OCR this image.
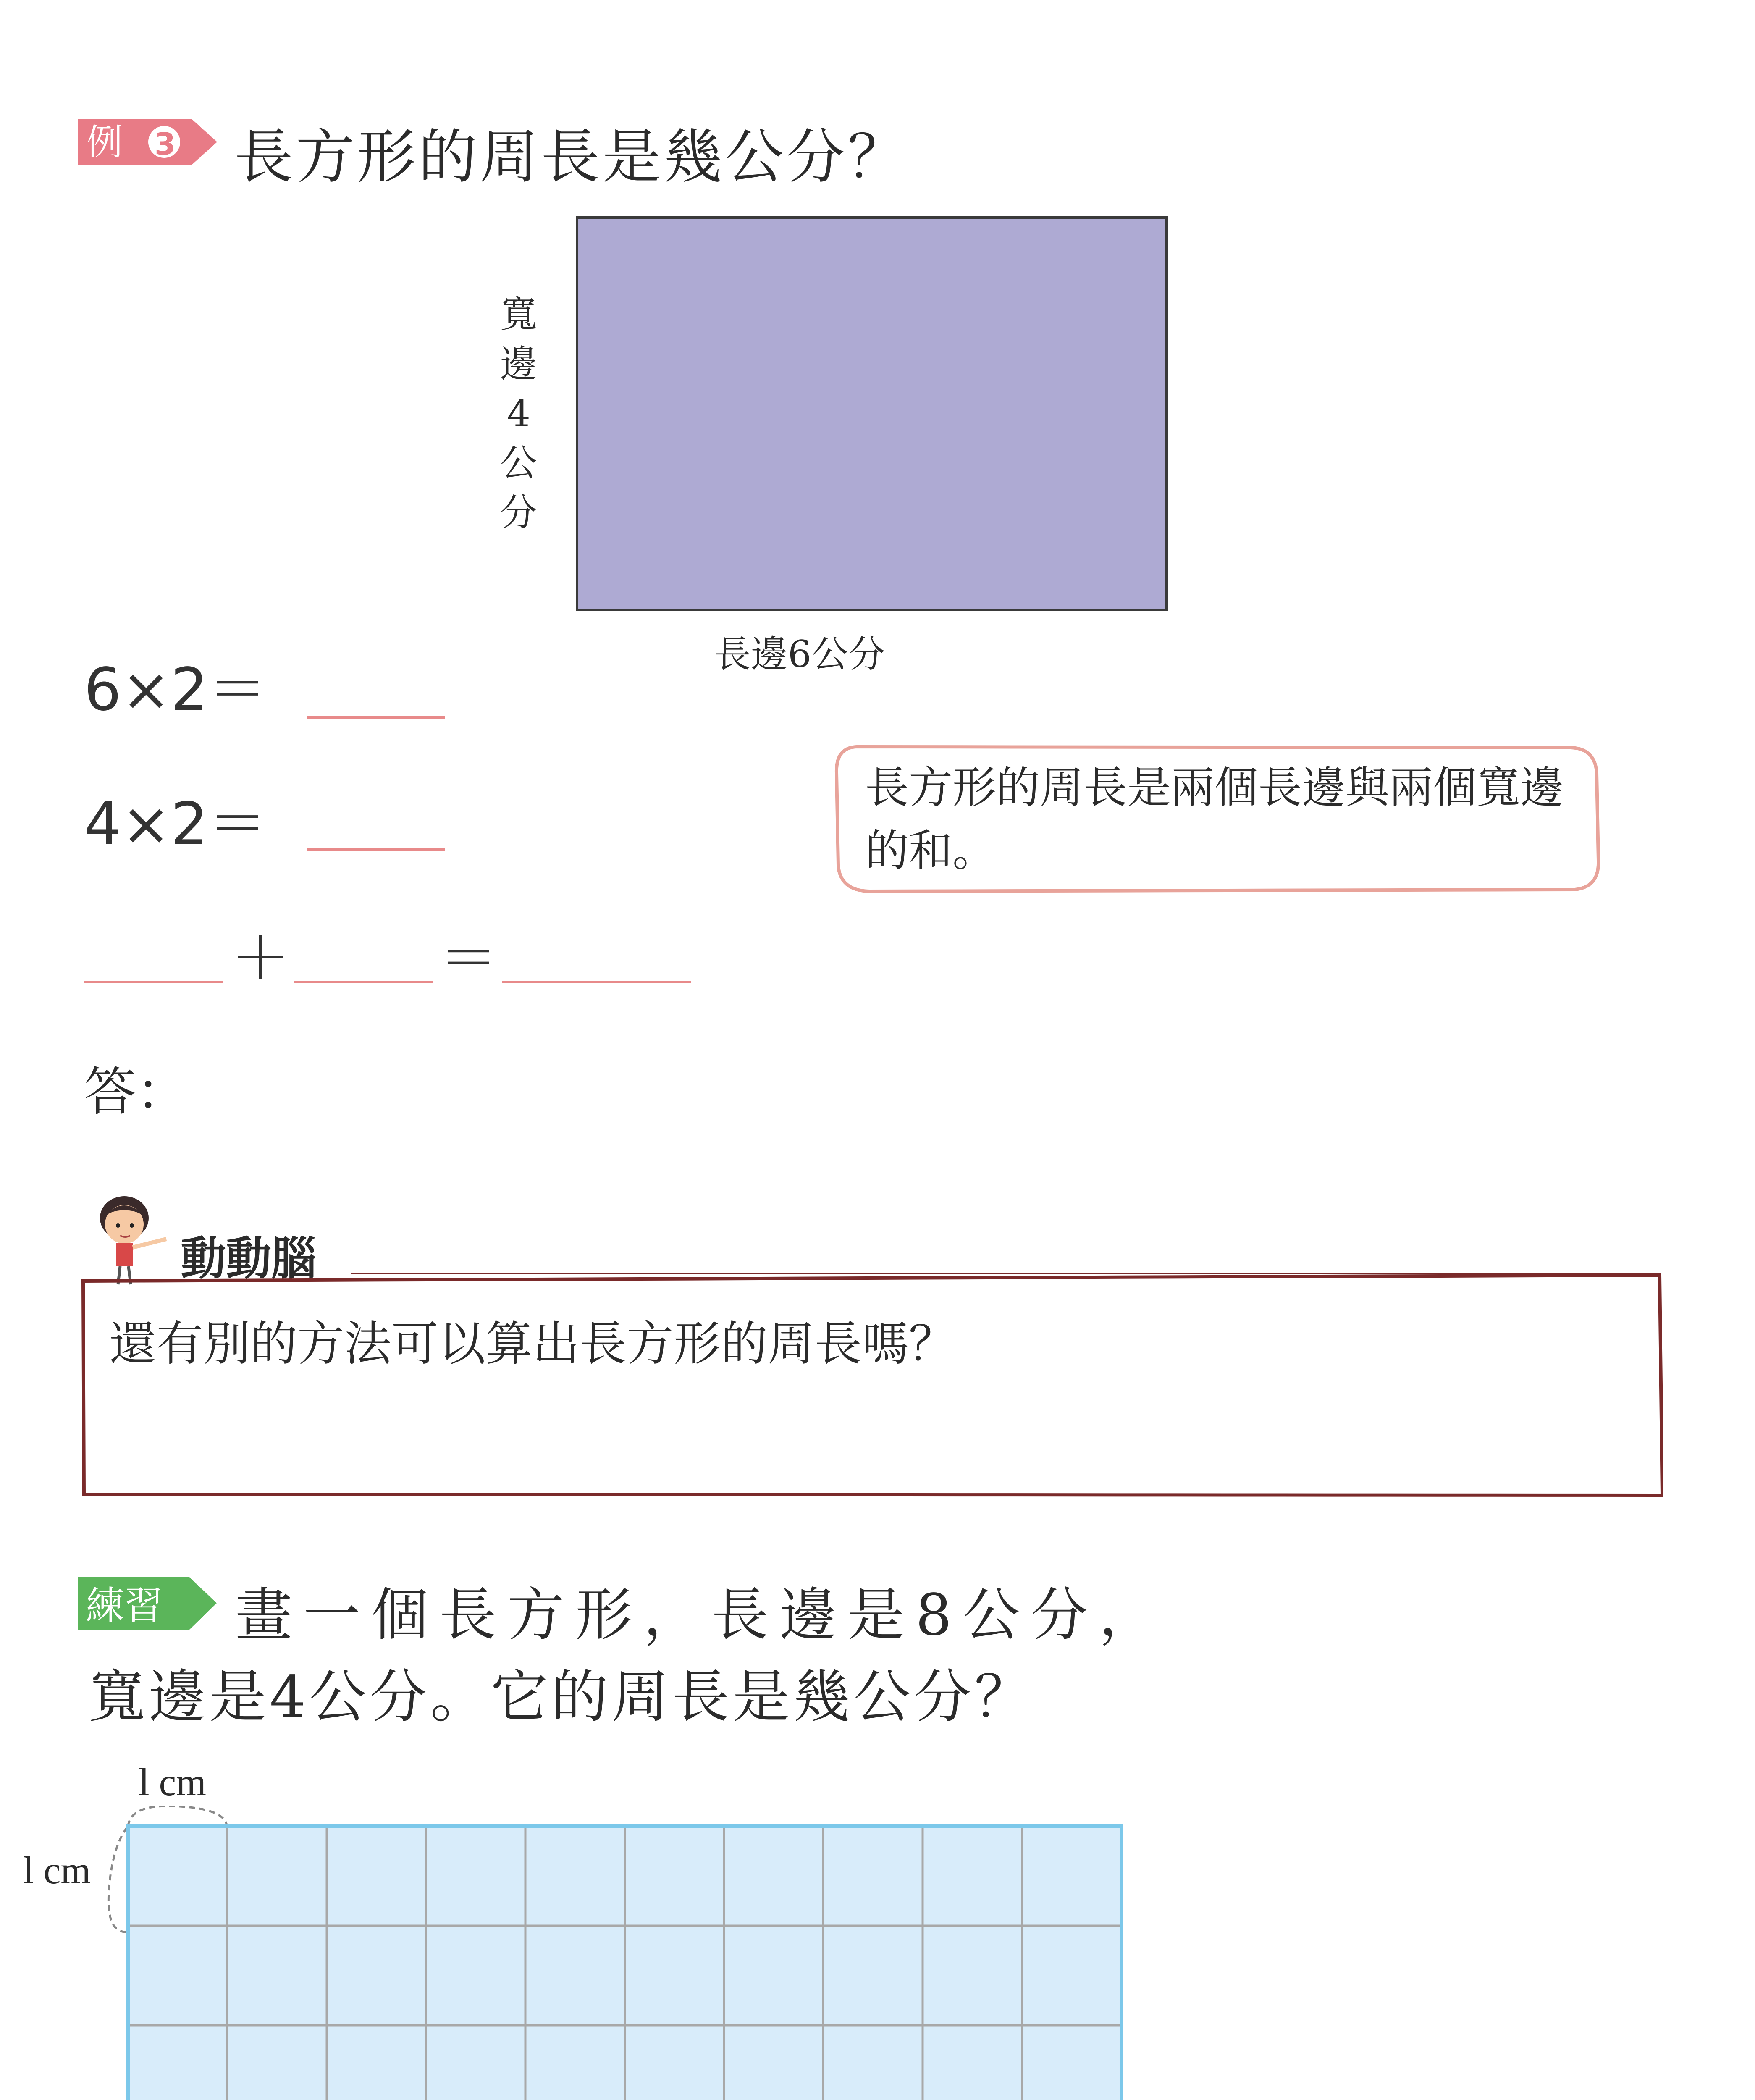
例 3 長方形的周長是幾公分？
寬
邊
4
公
分
長邊6公分
6×2＝
4×2＝
＋	＝
長方形的周長是兩個長邊與兩個寬邊的和。
答：
動動腦
還有別的方法可以算出長方形的周長嗎？
練習 畫一個長方形，長邊是8公分，
寬邊是4公分。它的周長是幾公分？
l cm
l cm
